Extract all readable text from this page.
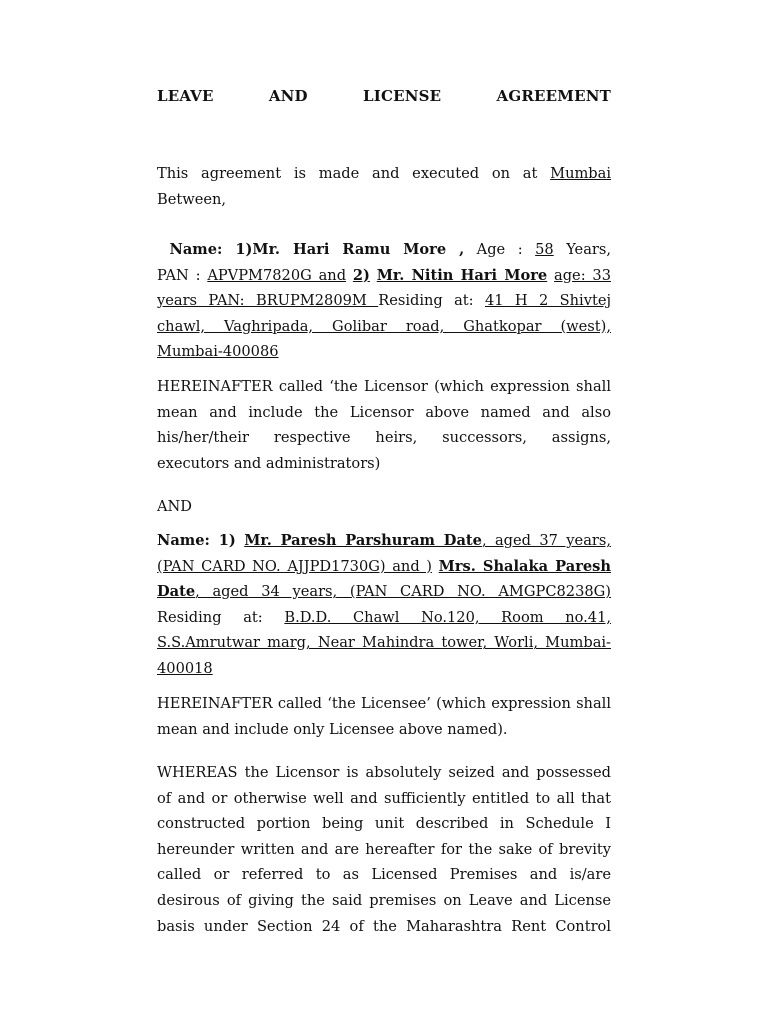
LEAVE	AND	LICENSE	AGREEMENT
This agreement is made and executed on at Mumbai
Between,
Name: 1)Mr. Hari Ramu More , Age : 58 Years,
PAN : APVPM7820G and 2) Mr. Nitin Hari More age: 33
years PAN: BRUPM2809M Residing at: 41 H 2 Shivtej
chawl, Vaghripada, Golibar road, Ghatkopar (west),
Mumbai-400086
HEREINAFTER called ‘the Licensor (which expression shall
mean and include the Licensor above named and also
his/her/their respective heirs, successors, assigns,
executors and administrators)
AND
Name: 1) Mr. Paresh Parshuram Date, aged 37 years,
(PAN CARD NO. AJJPD1730G) and ) Mrs. Shalaka Paresh
Date, aged 34 years, (PAN CARD NO. AMGPC8238G)
Residing at: B.D.D. Chawl No.120, Room no.41,
S.S.Amrutwar marg, Near Mahindra tower, Worli, Mumbai-
400018
HEREINAFTER called ‘the Licensee’ (which expression shall
mean and include only Licensee above named).
WHEREAS the Licensor is absolutely seized and possessed
of and or otherwise well and sufficiently entitled to all that
constructed portion being unit described in Schedule I
hereunder written and are hereafter for the sake of brevity
called or referred to as Licensed Premises and is/are
desirous of giving the said premises on Leave and License
basis under Section 24 of the Maharashtra Rent Control
